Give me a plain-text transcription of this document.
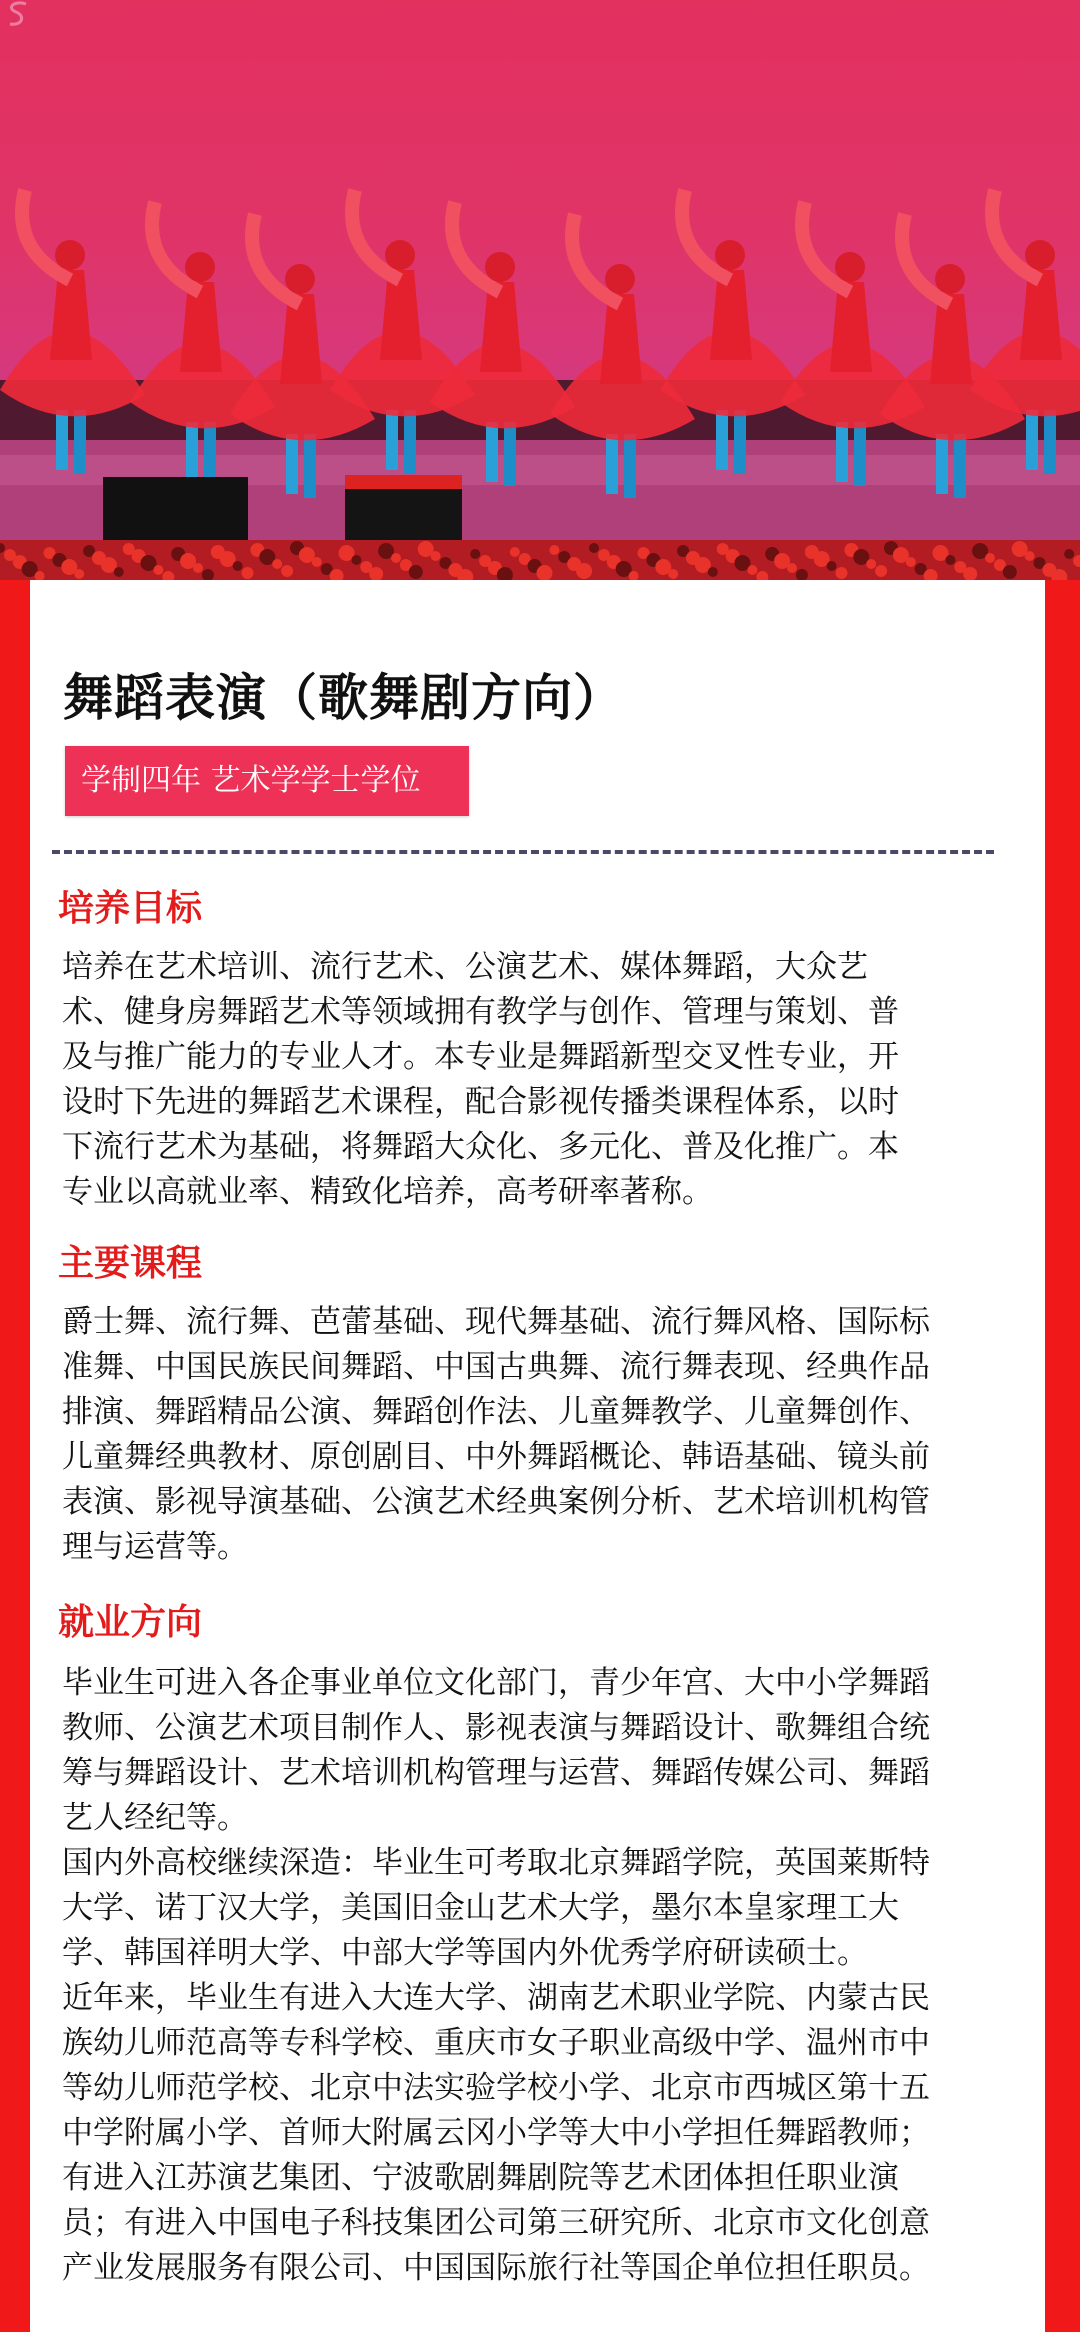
舞蹈表演（歌舞剧方向）
学制四年 艺术学学士学位
培养目标
培养在艺术培训、流行艺术、公演艺术、媒体舞蹈，大众艺
术、健身房舞蹈艺术等领域拥有教学与创作、管理与策划、普
及与推广能力的专业人才。本专业是舞蹈新型交叉性专业，开
设时下先进的舞蹈艺术课程，配合影视传播类课程体系，以时
下流行艺术为基础，将舞蹈大众化、多元化、普及化推广。本
专业以高就业率、精致化培养，高考研率著称。
主要课程
爵士舞、流行舞、芭蕾基础、现代舞基础、流行舞风格、国际标
准舞、中国民族民间舞蹈、中国古典舞、流行舞表现、经典作品
排演、舞蹈精品公演、舞蹈创作法、儿童舞教学、儿童舞创作、
儿童舞经典教材、原创剧目、中外舞蹈概论、韩语基础、镜头前
表演、影视导演基础、公演艺术经典案例分析、艺术培训机构管
理与运营等。
就业方向
毕业生可进入各企事业单位文化部门，青少年宫、大中小学舞蹈
教师、公演艺术项目制作人、影视表演与舞蹈设计、歌舞组合统
筹与舞蹈设计、艺术培训机构管理与运营、舞蹈传媒公司、舞蹈
艺人经纪等。
国内外高校继续深造：毕业生可考取北京舞蹈学院，英国莱斯特
大学、诺丁汉大学，美国旧金山艺术大学，墨尔本皇家理工大
学、韩国祥明大学、中部大学等国内外优秀学府研读硕士。
近年来，毕业生有进入大连大学、湖南艺术职业学院、内蒙古民
族幼儿师范高等专科学校、重庆市女子职业高级中学、温州市中
等幼儿师范学校、北京中法实验学校小学、北京市西城区第十五
中学附属小学、首师大附属云冈小学等大中小学担任舞蹈教师；
有进入江苏演艺集团、宁波歌剧舞剧院等艺术团体担任职业演
员；有进入中国电子科技集团公司第三研究所、北京市文化创意
产业发展服务有限公司、中国国际旅行社等国企单位担任职员。
